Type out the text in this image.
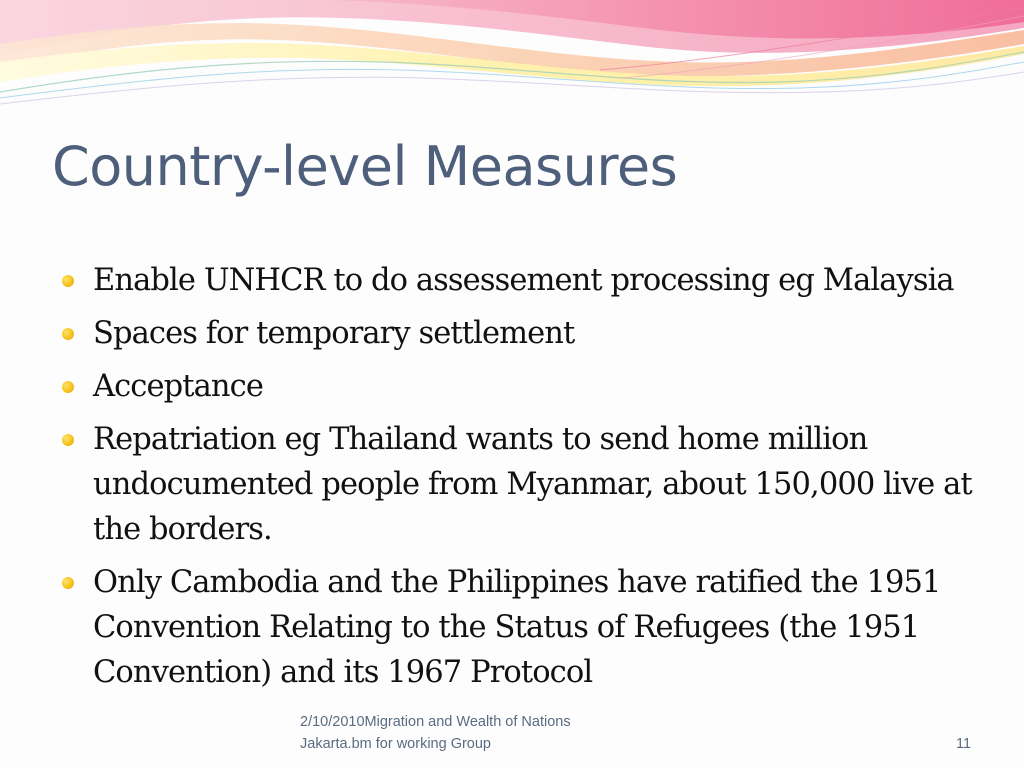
Country-level Measures
Enable UNHCR to do assessement processing eg Malaysia
Spaces for temporary settlement
Acceptance
Repatriation eg Thailand wants to send home million undocumented people from Myanmar, about 150,000 live at the borders.
Only Cambodia and the Philippines have ratified the 1951 Convention Relating to the Status of Refugees (the 1951 Convention) and its 1967 Protocol
2/10/2010Migration and Wealth of Nations
Jakarta.bm for working Group	11
